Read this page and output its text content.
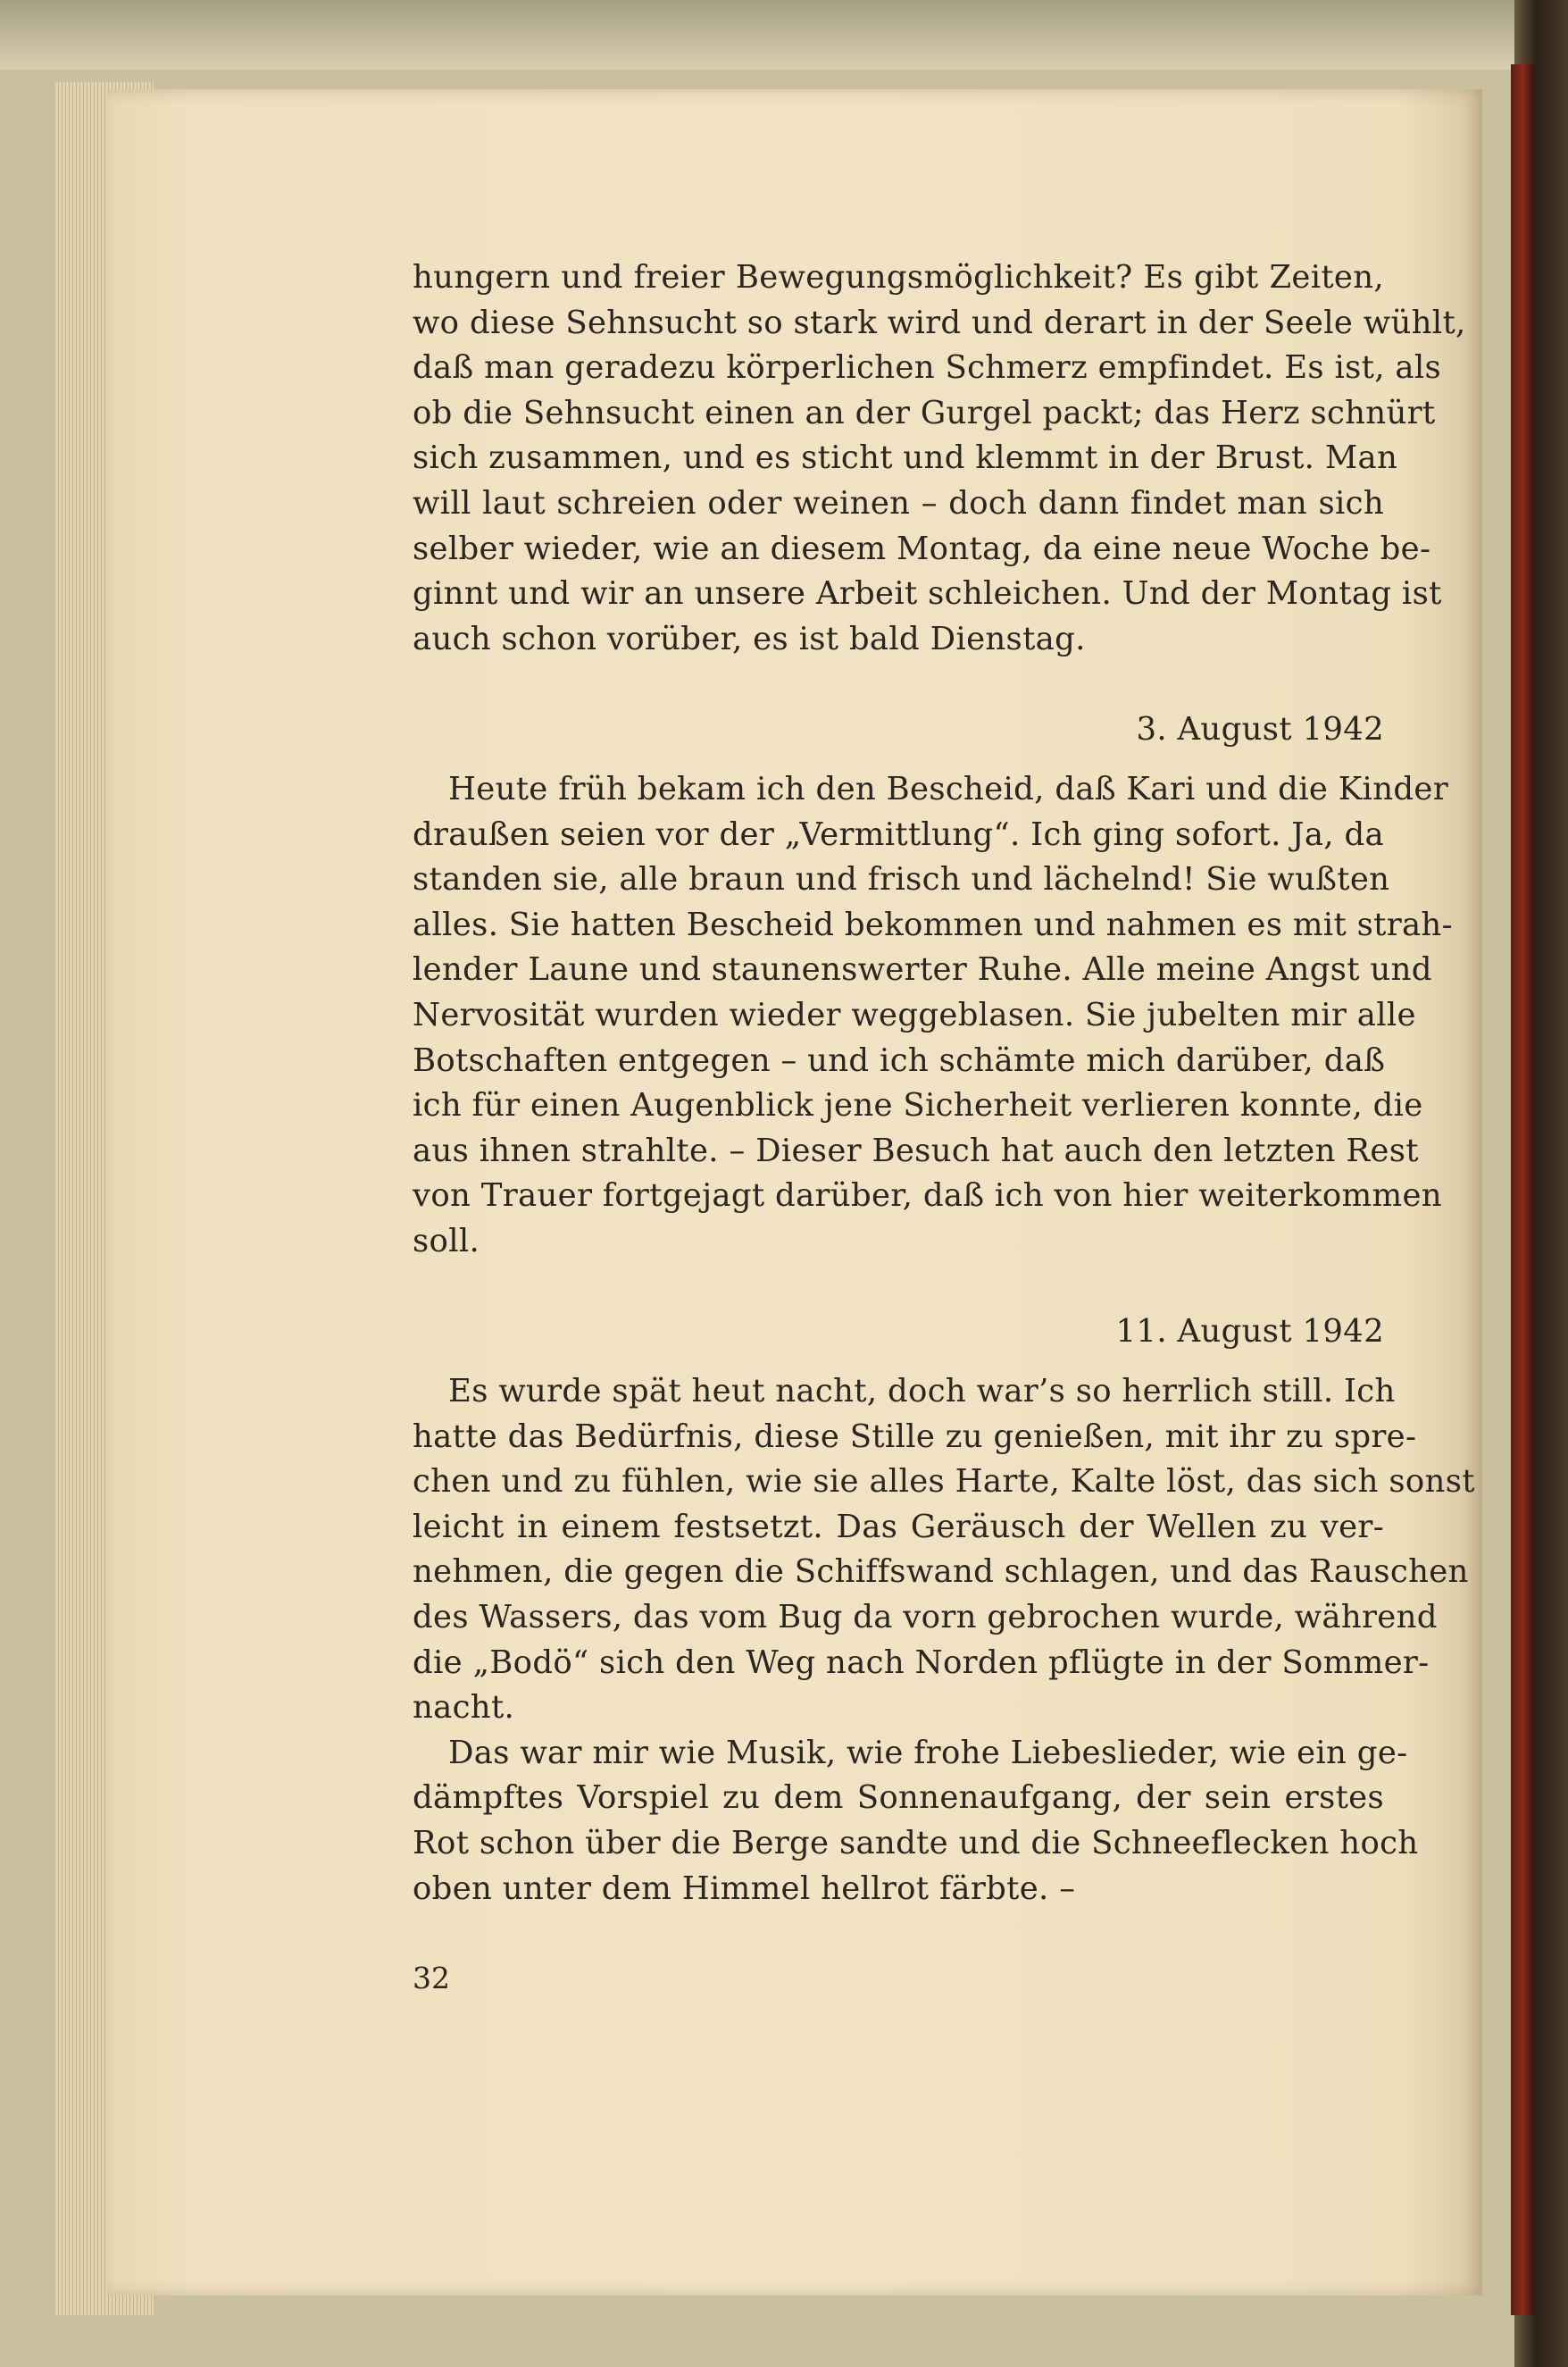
hungern und freier Bewegungsmöglichkeit? Es gibt Zeiten,
wo diese Sehnsucht so stark wird und derart in der Seele wühlt,
daß man geradezu körperlichen Schmerz empfindet. Es ist, als
ob die Sehnsucht einen an der Gurgel packt; das Herz schnürt
sich zusammen, und es sticht und klemmt in der Brust. Man
will laut schreien oder weinen – doch dann findet man sich
selber wieder, wie an diesem Montag, da eine neue Woche be-
ginnt und wir an unsere Arbeit schleichen. Und der Montag ist
auch schon vorüber, es ist bald Dienstag.
3. August 1942
Heute früh bekam ich den Bescheid, daß Kari und die Kinder
draußen seien vor der „Vermittlung“. Ich ging sofort. Ja, da
standen sie, alle braun und frisch und lächelnd! Sie wußten
alles. Sie hatten Bescheid bekommen und nahmen es mit strah-
lender Laune und staunenswerter Ruhe. Alle meine Angst und
Nervosität wurden wieder weggeblasen. Sie jubelten mir alle
Botschaften entgegen – und ich schämte mich darüber, daß
ich für einen Augenblick jene Sicherheit verlieren konnte, die
aus ihnen strahlte. – Dieser Besuch hat auch den letzten Rest
von Trauer fortgejagt darüber, daß ich von hier weiterkommen
soll.
11. August 1942
Es wurde spät heut nacht, doch war’s so herrlich still. Ich
hatte das Bedürfnis, diese Stille zu genießen, mit ihr zu spre-
chen und zu fühlen, wie sie alles Harte, Kalte löst, das sich sonst
leicht in einem festsetzt. Das Geräusch der Wellen zu ver-
nehmen, die gegen die Schiffswand schlagen, und das Rauschen
des Wassers, das vom Bug da vorn gebrochen wurde, während
die „Bodö“ sich den Weg nach Norden pflügte in der Sommer-
nacht.
Das war mir wie Musik, wie frohe Liebeslieder, wie ein ge-
dämpftes Vorspiel zu dem Sonnenaufgang, der sein erstes
Rot schon über die Berge sandte und die Schneeflecken hoch
oben unter dem Himmel hellrot färbte. –
32
